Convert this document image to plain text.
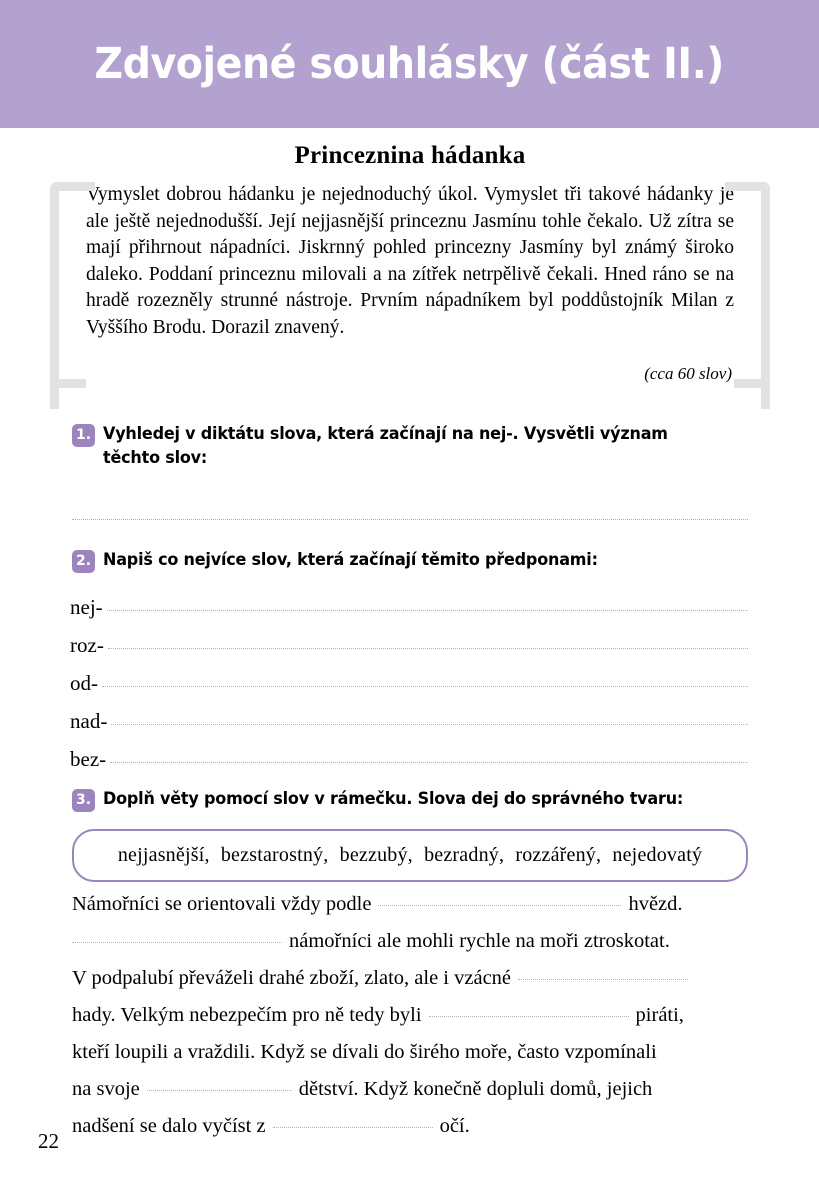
Zdvojené souhlásky (část II.)
Princeznina hádanka

Vymyslet dobrou hádanku je nejednoduchý úkol. Vymyslet tři takové hádanky je ale ještě nejednodušší. Její nejjasnější princeznu Jasmínu tohle čekalo. Už zítra se mají přihrnout nápadníci. Jiskrnný pohled princezny Jasmíny byl známý široko daleko. Poddaní princeznu milovali a na zítřek netrpělivě čekali. Hned ráno se na hradě rozezněly strunné nástroje. Prvním nápadníkem byl poddůstojník Milan z Vyššího Brodu. Dorazil znavený.

(cca 60 slov)
1. Vyhledej v diktátu slova, která začínají na nej-. Vysvětli význam těchto slov:
2. Napiš co nejvíce slov, která začínají těmito předponami:
nej-
roz-
od-
nad-
bez-
3. Doplň věty pomocí slov v rámečku. Slova dej do správného tvaru:
nejjasnější, bezstarostný, bezzubý, bezradný, rozzářený, nejedovatý
Námořníci se orientovali vždy podle	hvězd.
námořníci ale mohli rychle na moři ztroskotat.
V podpalubí převáželi drahé zboží, zlato, ale i vzácné
hady. Velkým nebezpečím pro ně tedy byli	piráti,
kteří loupili a vraždili. Když se dívali do širého moře, často vzpomínali
na svoje	dětství. Když konečně dopluli domů, jejich
nadšení se dalo vyčíst z	očí.
22
